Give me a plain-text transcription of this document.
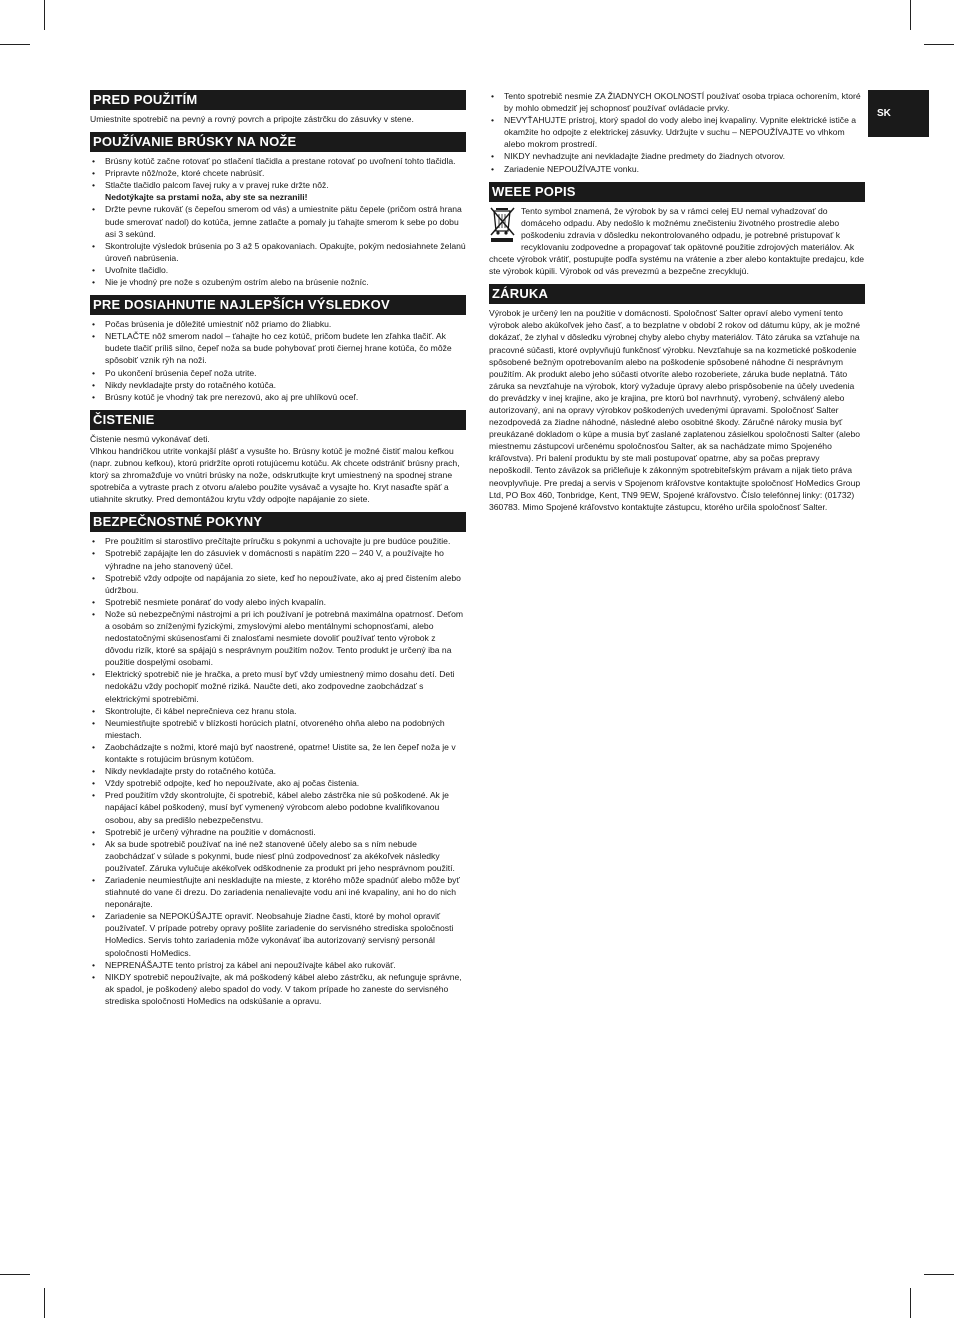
SK
PRED POUŽITÍM

Umiestnite spotrebič na pevný a rovný povrch a pripojte zástrčku do zásuvky v stene.

POUŽÍVANIE BRÚSKY NA NOŽE
• Brúsny kotúč začne rotovať po stlačení tlačidla a prestane rotovať po uvoľnení tohto tlačidla.
• Pripravte nôž/nože, ktoré chcete nabrúsiť.
• Stlačte tlačidlo palcom ľavej ruky a v pravej ruke držte nôž.
Nedotýkajte sa prstami noža, aby ste sa nezranili!
• Držte pevne rukoväť (s čepeľou smerom od vás) a umiestnite pätu čepele (pričom ostrá hrana bude smerovať nadol) do kotúča, jemne zatlačte a pomaly ju ťahajte smerom k sebe po dobu asi 3 sekúnd.
• Skontrolujte výsledok brúsenia po 3 až 5 opakovaniach. Opakujte, pokým nedosiahnete želanú úroveň nabrúsenia.
• Uvoľnite tlačidlo.
• Nie je vhodný pre nože s ozubeným ostrím alebo na brúsenie nožníc.
PRE DOSIAHNUTIE NAJLEPŠÍCH VÝSLEDKOV
• Počas brúsenia je dôležité umiestniť nôž priamo do žliabku.
• NETLAČTE nôž smerom nadol – ťahajte ho cez kotúč, pričom budete len zľahka tlačiť. Ak budete tlačiť príliš silno, čepeľ noža sa bude pohybovať proti čiernej hrane kotúča, čo môže spôsobiť vznik rýh na noži.
• Po ukončení brúsenia čepeľ noža utrite.
• Nikdy nevkladajte prsty do rotačného kotúča.
• Brúsny kotúč je vhodný tak pre nerezovú, ako aj pre uhlíkovú oceľ.
ČISTENIE

Čistenie nesmú vykonávať deti.

Vlhkou handričkou utrite vonkajší plášť a vysušte ho. Brúsny kotúč je možné čistiť malou kefkou (napr. zubnou kefkou), ktorú pridržíte oproti rotujúcemu kotúču. Ak chcete odstrániť brúsny prach, ktorý sa zhromažďuje vo vnútri brúsky na nože, odskrutkujte kryt umiestnený na spodnej strane spotrebiča a vytraste prach z otvoru a/alebo použite vysávač a vysajte ho. Kryt nasaďte späť a utiahnite skrutky. Pred demontážou krytu vždy odpojte napájanie zo siete.

BEZPEČNOSTNÉ POKYNY
• Pre použitím si starostlivo prečítajte príručku s pokynmi a uchovajte ju pre budúce použitie.
• Spotrebič zapájajte len do zásuviek v domácnosti s napätím 220 – 240 V, a používajte ho výhradne na jeho stanovený účel.
• Spotrebič vždy odpojte od napájania zo siete, keď ho nepoužívate, ako aj pred čistením alebo údržbou.
• Spotrebič nesmiete ponárať do vody alebo iných kvapalín.
• Nože sú nebezpečnými nástrojmi a pri ich používaní je potrebná maximálna opatrnosť. Deťom a osobám so zníženými fyzickými, zmyslovými alebo mentálnymi schopnosťami, alebo nedostatočnými skúsenosťami či znalosťami nesmiete dovoliť používať tento výrobok z dôvodu rizík, ktoré sa spájajú s nesprávnym použitím nožov. Tento produkt je určený iba na použitie dospelými osobami.
• Elektrický spotrebič nie je hračka, a preto musí byť vždy umiestnený mimo dosahu detí. Deti nedokážu vždy pochopiť možné riziká. Naučte deti, ako zodpovedne zaobchádzať s elektrickými spotrebičmi.
• Skontrolujte, či kábel neprečnieva cez hranu stola.
• Neumiestňujte spotrebič v blízkosti horúcich platní, otvoreného ohňa alebo na podobných miestach.
• Zaobchádzajte s nožmi, ktoré majú byť naostrené, opatrne! Uistite sa, že len čepeľ noža je v kontakte s rotujúcim brúsnym kotúčom.
• Nikdy nevkladajte prsty do rotačného kotúča.
• Vždy spotrebič odpojte, keď ho nepoužívate, ako aj počas čistenia.
• Pred použitím vždy skontrolujte, či spotrebič, kábel alebo zástrčka nie sú poškodené. Ak je napájací kábel poškodený, musí byť vymenený výrobcom alebo podobne kvalifikovanou osobou, aby sa predišlo nebezpečenstvu.
• Spotrebič je určený výhradne na použitie v domácnosti.
• Ak sa bude spotrebič používať na iné než stanovené účely alebo sa s ním nebude zaobchádzať v súlade s pokynmi, bude niesť plnú zodpovednosť za akékoľvek následky používateľ. Záruka vylučuje akékoľvek odškodnenie za produkt pri jeho nesprávnom použití.
• Zariadenie neumiestňujte ani neskladujte na mieste, z ktorého môže spadnúť alebo môže byť stiahnuté do vane či drezu. Do zariadenia nenalievajte vodu ani iné kvapaliny, ani ho do nich neponárajte.
• Zariadenie sa NEPOKÚŠAJTE opraviť. Neobsahuje žiadne časti, ktoré by mohol opraviť používateľ. V prípade potreby opravy pošlite zariadenie do servisného strediska spoločnosti HoMedics. Servis tohto zariadenia môže vykonávať iba autorizovaný servisný personál spoločnosti HoMedics.
• NEPRENÁŠAJTE tento prístroj za kábel ani nepoužívajte kábel ako rukoväť.
• NIKDY spotrebič nepoužívajte, ak má poškodený kábel alebo zástrčku, ak nefunguje správne, ak spadol, je poškodený alebo spadol do vody. V takom prípade ho zaneste do servisného strediska spoločnosti HoMedics na odskúšanie a opravu.
• Tento spotrebič nesmie ZA ŽIADNYCH OKOLNOSTÍ používať osoba trpiaca ochorením, ktoré by mohlo obmedziť jej schopnosť používať ovládacie prvky.
• NEVYŤAHUJTE prístroj, ktorý spadol do vody alebo inej kvapaliny. Vypnite elektrické ističe a okamžite ho odpojte z elektrickej zásuvky. Udržujte v suchu – NEPOUŽÍVAJTE vo vlhkom alebo mokrom prostredí.
• NIKDY nevhadzujte ani nevkladajte žiadne predmety do žiadnych otvorov.
• Zariadenie NEPOUŽÍVAJTE vonku.
WEEE POPIS

Tento symbol znamená, že výrobok by sa v rámci celej EU nemal vyhadzovať do domáceho odpadu. Aby nedošlo k možnému znečisteniu životného prostredie alebo poškodeniu zdravia v dôsledku nekontrolovaného odpadu, je potrebné pristupovať k recyklovaniu zodpovedne a propagovať tak opätovné použitie zdrojových materiálov. Ak chcete výrobok vrátiť, postupujte podľa systému na vrátenie a zber alebo kontaktujte predajcu, kde ste výrobok kúpili. Výrobok od vás prevezmú a bezpečne zrecyklujú.

ZÁRUKA

Výrobok je určený len na použitie v domácnosti. Spoločnosť Salter opraví alebo vymení tento výrobok alebo akúkoľvek jeho časť, a to bezplatne v období 2 rokov od dátumu kúpy, ak je možné dokázať, že zlyhal v dôsledku výrobnej chyby alebo chyby materiálov. Táto záruka sa vzťahuje na pracovné súčasti, ktoré ovplyvňujú funkčnosť výrobku. Nevzťahuje sa na kozmetické poškodenie spôsobené bežným opotrebovaním alebo na poškodenie spôsobené náhodne či nesprávnym použitím. Ak produkt alebo jeho súčasti otvoríte alebo rozoberiete, záruka bude neplatná. Táto záruka sa nevzťahuje na výrobok, ktorý vyžaduje úpravy alebo prispôsobenie na účely uvedenia do prevádzky v inej krajine, ako je krajina, pre ktorú bol navrhnutý, vyrobený, schválený alebo autorizovaný, ani na opravy výrobkov poškodených uvedenými úpravami. Spoločnosť Salter nezodpovedá za žiadne náhodné, následné alebo osobitné škody. Záručné nároky musia byť preukázané dokladom o kúpe a musia byť zaslané zaplatenou zásielkou spoločnosti Salter (alebo miestnemu zástupcovi určenému spoločnosťou Salter, ak sa nachádzate mimo Spojeného kráľovstva). Pri balení produktu by ste mali postupovať opatrne, aby sa počas prepravy nepoškodil. Tento záväzok sa pričleňuje k zákonným spotrebiteľským právam a nijak tieto práva neovplyvňuje. Pre predaj a servis v Spojenom kráľovstve kontaktujte spoločnosť HoMedics Group Ltd, PO Box 460, Tonbridge, Kent, TN9 9EW, Spojené kráľovstvo. Číslo telefónnej linky: (01732) 360783. Mimo Spojené kráľovstvo kontaktujte zástupcu, ktorého určila spoločnosť Salter.
